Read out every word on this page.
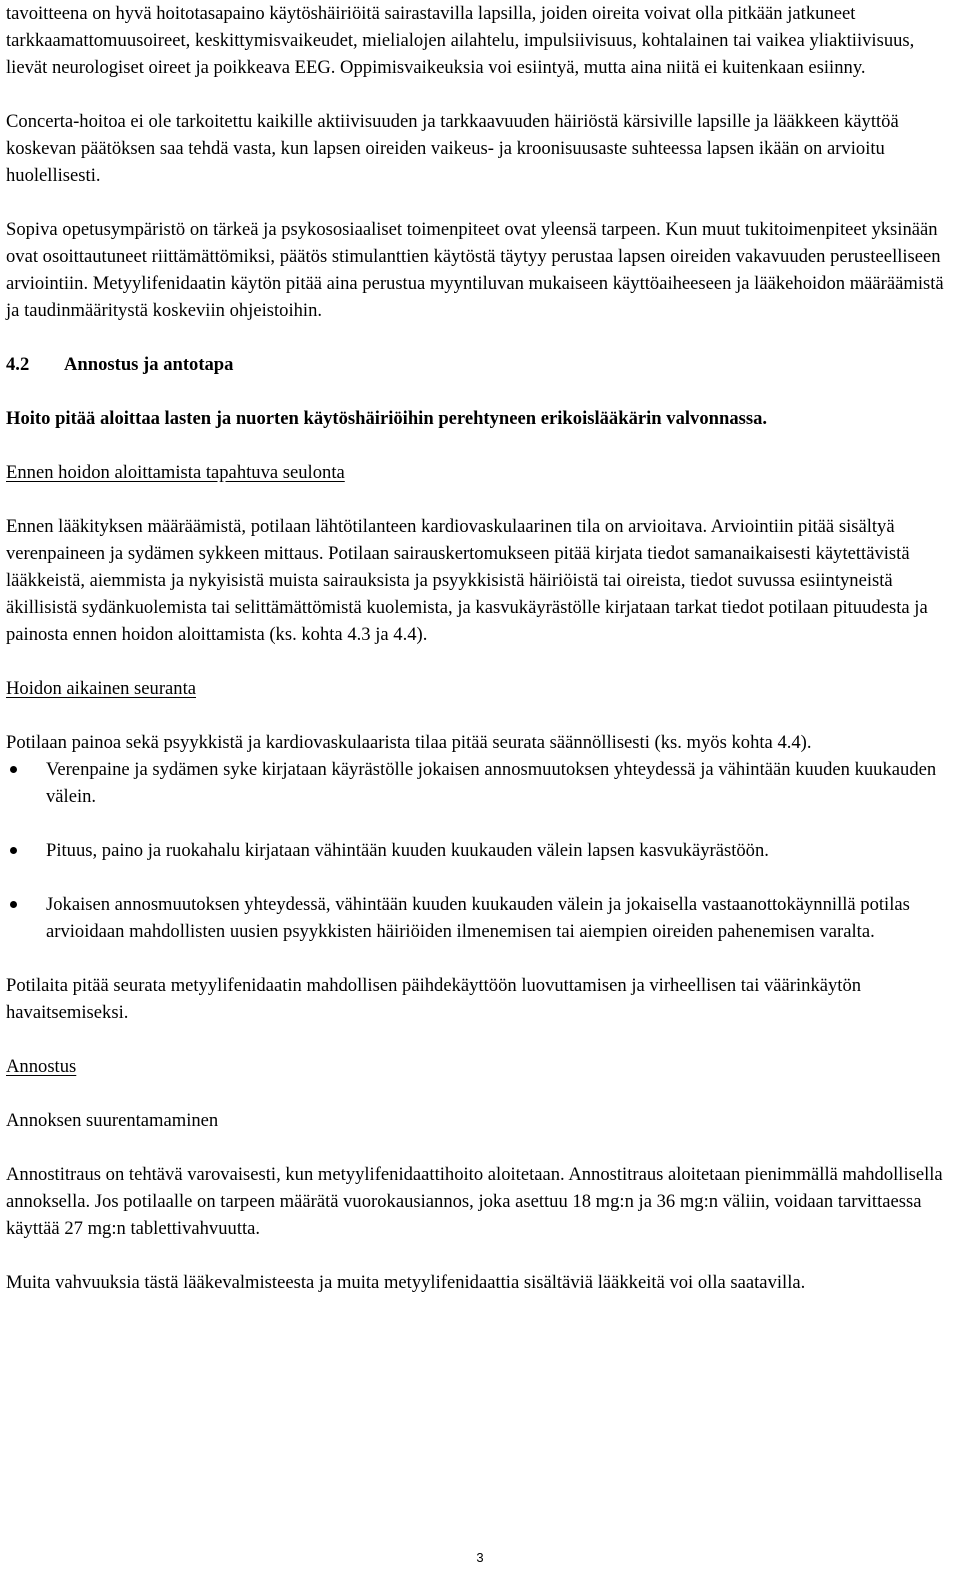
tavoitteena on hyvä hoitotasapaino käytöshäiriöitä sairastavilla lapsilla, joiden oireita voivat olla pitkään jatkuneet tarkkaamattomuusoireet, keskittymisvaikeudet, mielialojen ailahtelu, impulsiivisuus, kohtalainen tai vaikea yliaktiivisuus, lievät neurologiset oireet ja poikkeava EEG. Oppimisvaikeuksia voi esiintyä, mutta aina niitä ei kuitenkaan esiinny.

Concerta-hoitoa ei ole tarkoitettu kaikille aktiivisuuden ja tarkkaavuuden häiriöstä kärsiville lapsille ja lääkkeen käyttöä koskevan päätöksen saa tehdä vasta, kun lapsen oireiden vaikeus- ja kroonisuusaste suhteessa lapsen ikään on arvioitu huolellisesti.

Sopiva opetusympäristö on tärkeä ja psykososiaaliset toimenpiteet ovat yleensä tarpeen. Kun muut tukitoimenpiteet yksinään ovat osoittautuneet riittämättömiksi, päätös stimulanttien käytöstä täytyy perustaa lapsen oireiden vakavuuden perusteelliseen arviointiin. Metyylifenidaatin käytön pitää aina perustua myyntiluvan mukaiseen käyttöaiheeseen ja lääkehoidon määräämistä ja taudinmääritystä koskeviin ohjeistoihin.

4.2	Annostus ja antotapa

Hoito pitää aloittaa lasten ja nuorten käytöshäiriöihin perehtyneen erikoislääkärin valvonnassa.

Ennen hoidon aloittamista tapahtuva seulonta

Ennen lääkityksen määräämistä, potilaan lähtötilanteen kardiovaskulaarinen tila on arvioitava. Arviointiin pitää sisältyä verenpaineen ja sydämen sykkeen mittaus. Potilaan sairauskertomukseen pitää kirjata tiedot samanaikaisesti käytettävistä lääkkeistä, aiemmista ja nykyisistä muista sairauksista ja psyykkisistä häiriöistä tai oireista, tiedot suvussa esiintyneistä äkillisistä sydänkuolemista tai selittämättömistä kuolemista, ja kasvukäyrästölle kirjataan tarkat tiedot potilaan pituudesta ja painosta ennen hoidon aloittamista (ks. kohta 4.3 ja 4.4).

Hoidon aikainen seuranta

Potilaan painoa sekä psyykkistä ja kardiovaskulaarista tilaa pitää seurata säännöllisesti (ks. myös kohta 4.4).

Verenpaine ja sydämen syke kirjataan käyrästölle jokaisen annosmuutoksen yhteydessä ja vähintään kuuden kuukauden välein.
Pituus, paino ja ruokahalu kirjataan vähintään kuuden kuukauden välein lapsen kasvukäyrästöön.
Jokaisen annosmuutoksen yhteydessä, vähintään kuuden kuukauden välein ja jokaisella vastaanottokäynnillä potilas arvioidaan mahdollisten uusien psyykkisten häiriöiden ilmenemisen tai aiempien oireiden pahenemisen varalta.

Potilaita pitää seurata metyylifenidaatin mahdollisen päihdekäyttöön luovuttamisen ja virheellisen tai väärinkäytön havaitsemiseksi.

Annostus

Annoksen suurentamaminen

Annostitraus on tehtävä varovaisesti, kun metyylifenidaattihoito aloitetaan. Annostitraus aloitetaan pienimmällä mahdollisella annoksella. Jos potilaalle on tarpeen määrätä vuorokausiannos, joka asettuu 18 mg:n ja 36 mg:n väliin, voidaan tarvittaessa käyttää 27 mg:n tablettivahvuutta.

Muita vahvuuksia tästä lääkevalmisteesta ja muita metyylifenidaattia sisältäviä lääkkeitä voi olla saatavilla.

3
